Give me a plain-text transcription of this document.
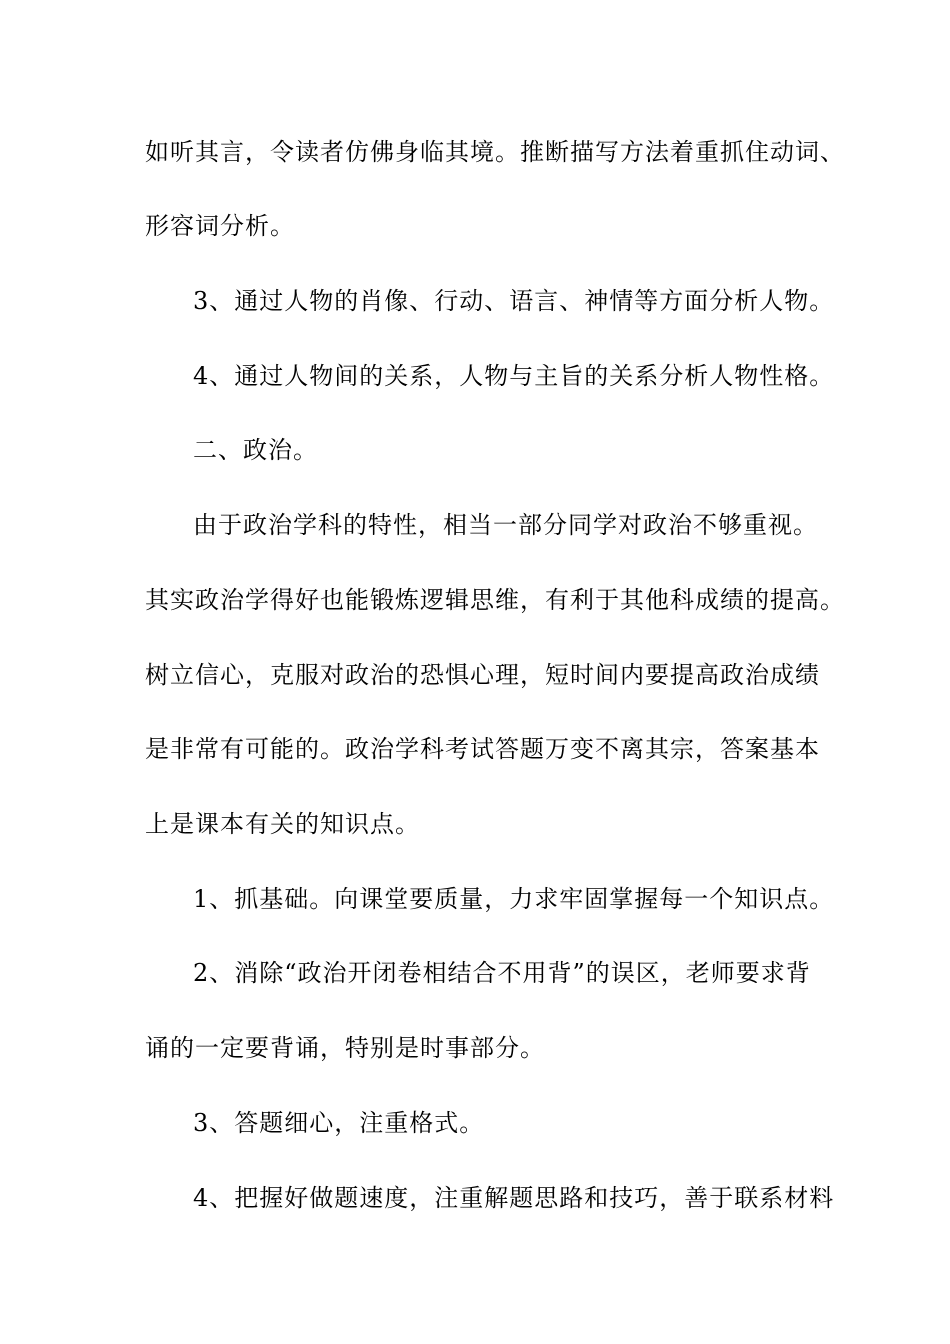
如听其言，令读者仿佛身临其境。推断描写方法着重抓住动词、
形容词分析。
3、通过人物的肖像、行动、语言、神情等方面分析人物。
4、通过人物间的关系，人物与主旨的关系分析人物性格。
二、政治。
由于政治学科的特性，相当一部分同学对政治不够重视。
其实政治学得好也能锻炼逻辑思维，有利于其他科成绩的提高。
树立信心，克服对政治的恐惧心理，短时间内要提高政治成绩
是非常有可能的。政治学科考试答题万变不离其宗，答案基本
上是课本有关的知识点。
1、抓基础。向课堂要质量，力求牢固掌握每一个知识点。
2、消除“政治开闭卷相结合不用背”的误区，老师要求背
诵的一定要背诵，特别是时事部分。
3、答题细心，注重格式。
4、把握好做题速度，注重解题思路和技巧，善于联系材料
